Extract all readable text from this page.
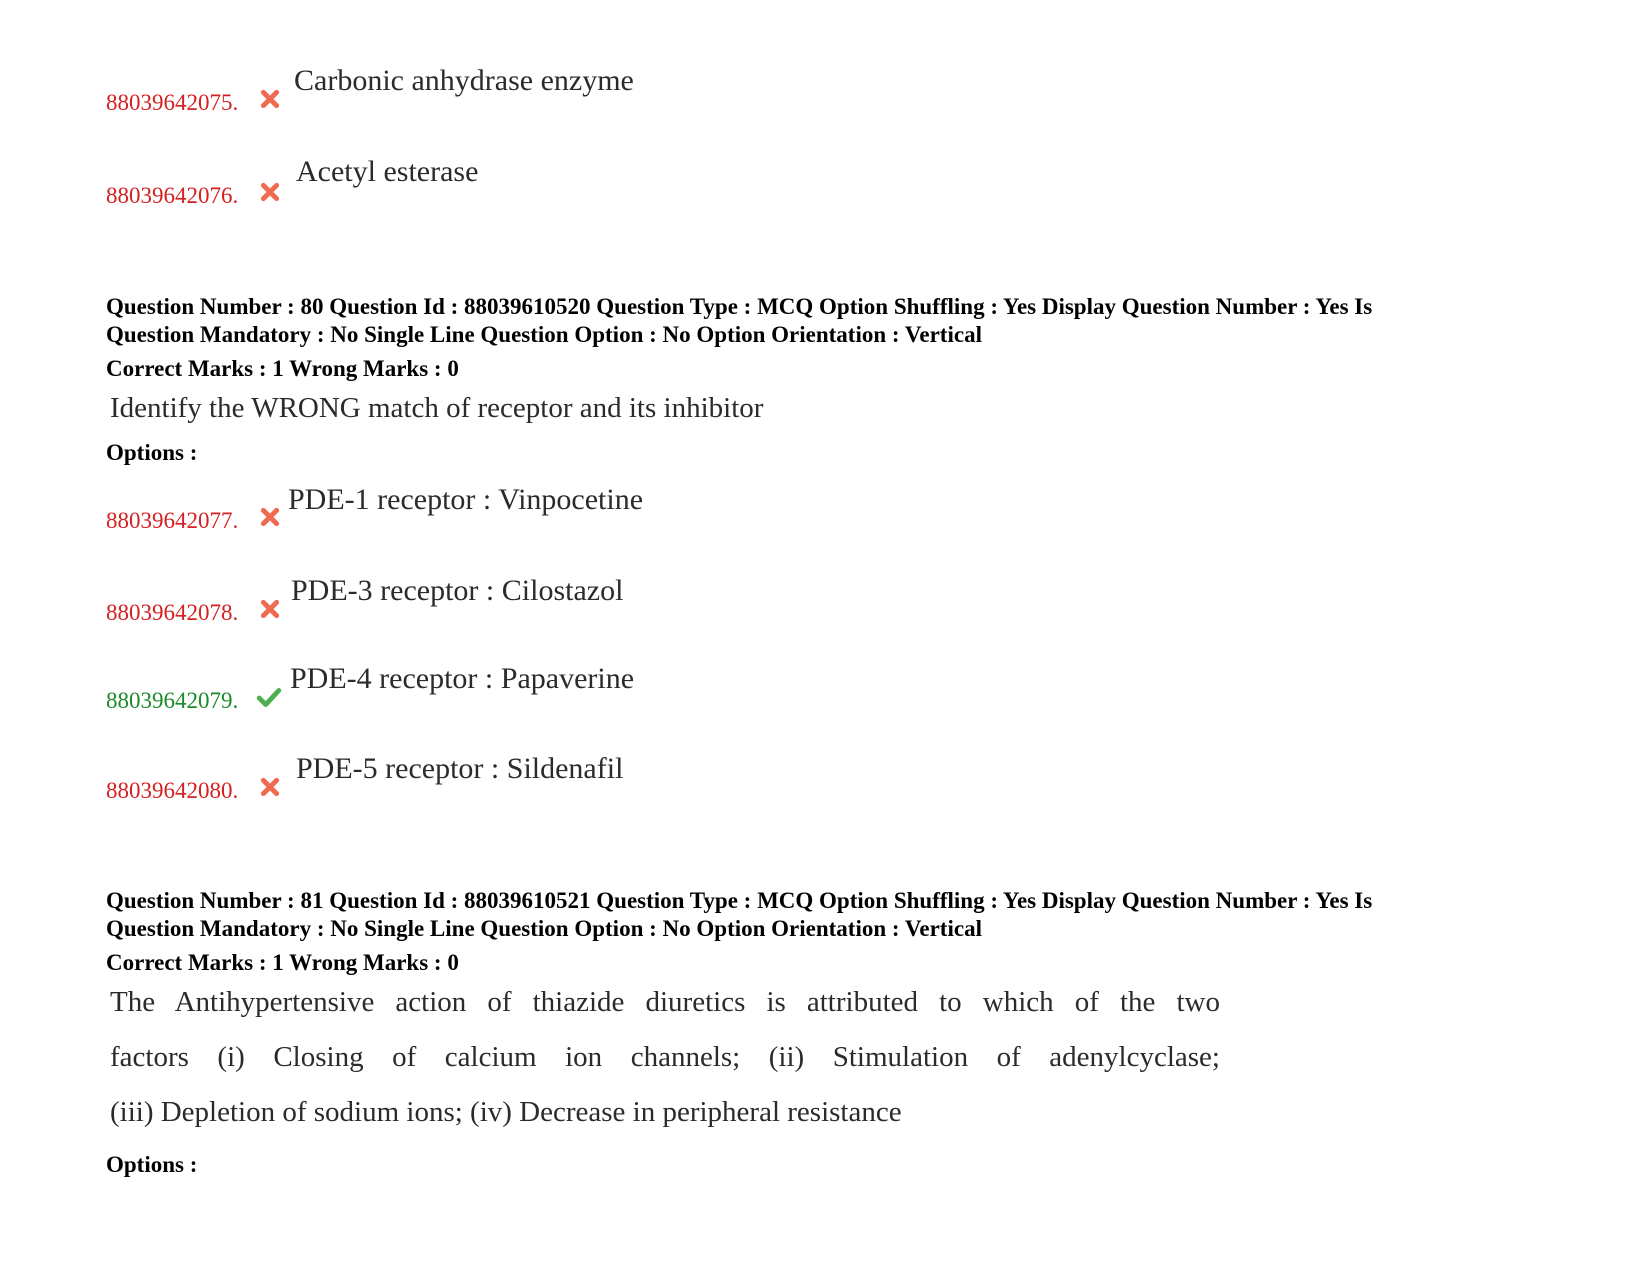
88039642075.
Carbonic anhydrase enzyme
88039642076.
Acetyl esterase
Question Number : 80 Question Id : 88039610520 Question Type : MCQ Option Shuffling : Yes Display Question Number : Yes Is
Question Mandatory : No Single Line Question Option : No Option Orientation : Vertical
Correct Marks : 1 Wrong Marks : 0
Identify the WRONG match of receptor and its inhibitor
Options :
88039642077.
PDE-1 receptor : Vinpocetine
88039642078.
PDE-3 receptor : Cilostazol
88039642079.
PDE-4 receptor : Papaverine
88039642080.
PDE-5 receptor : Sildenafil
Question Number : 81 Question Id : 88039610521 Question Type : MCQ Option Shuffling : Yes Display Question Number : Yes Is
Question Mandatory : No Single Line Question Option : No Option Orientation : Vertical
Correct Marks : 1 Wrong Marks : 0
The Antihypertensive action of thiazide diuretics is attributed to which of the two
factors (i) Closing of calcium ion channels; (ii) Stimulation of adenylcyclase;
(iii) Depletion of sodium ions; (iv) Decrease in peripheral resistance
Options :
